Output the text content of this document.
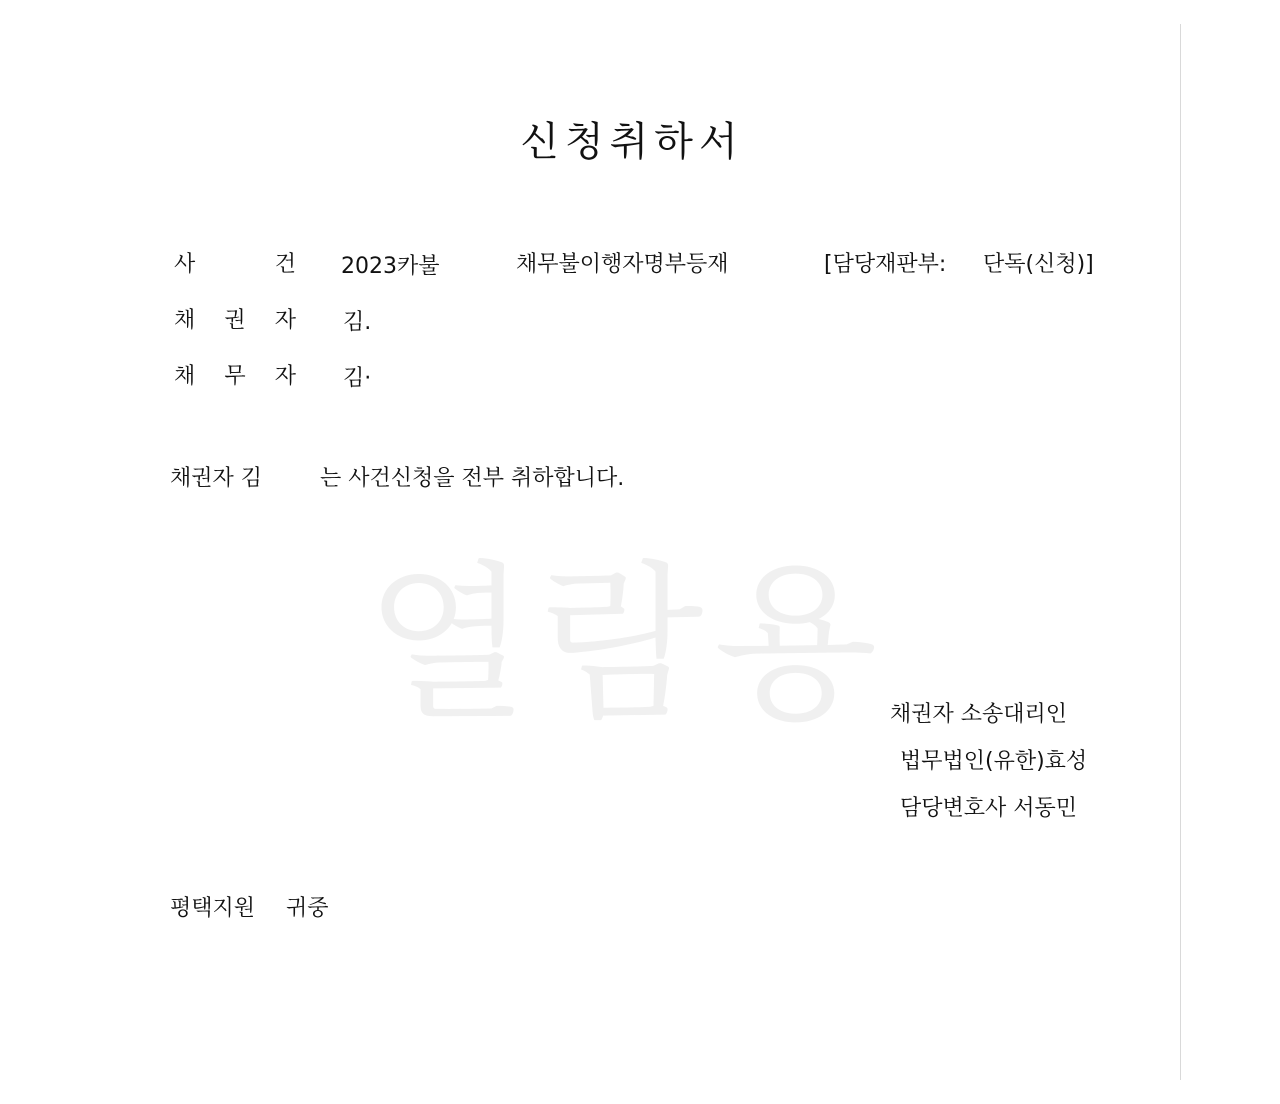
열람용
신청취하서
사	건 2023카불	채무불이행자명부등재	[담당재판부: 단독(신청)]
채 권 자 김.
채 무 자 김·
채권자 김	는 사건신청을 전부 취하합니다.
채권자 소송대리인
법무법인(유한)효성
담당변호사 서동민
평택지원 귀중
